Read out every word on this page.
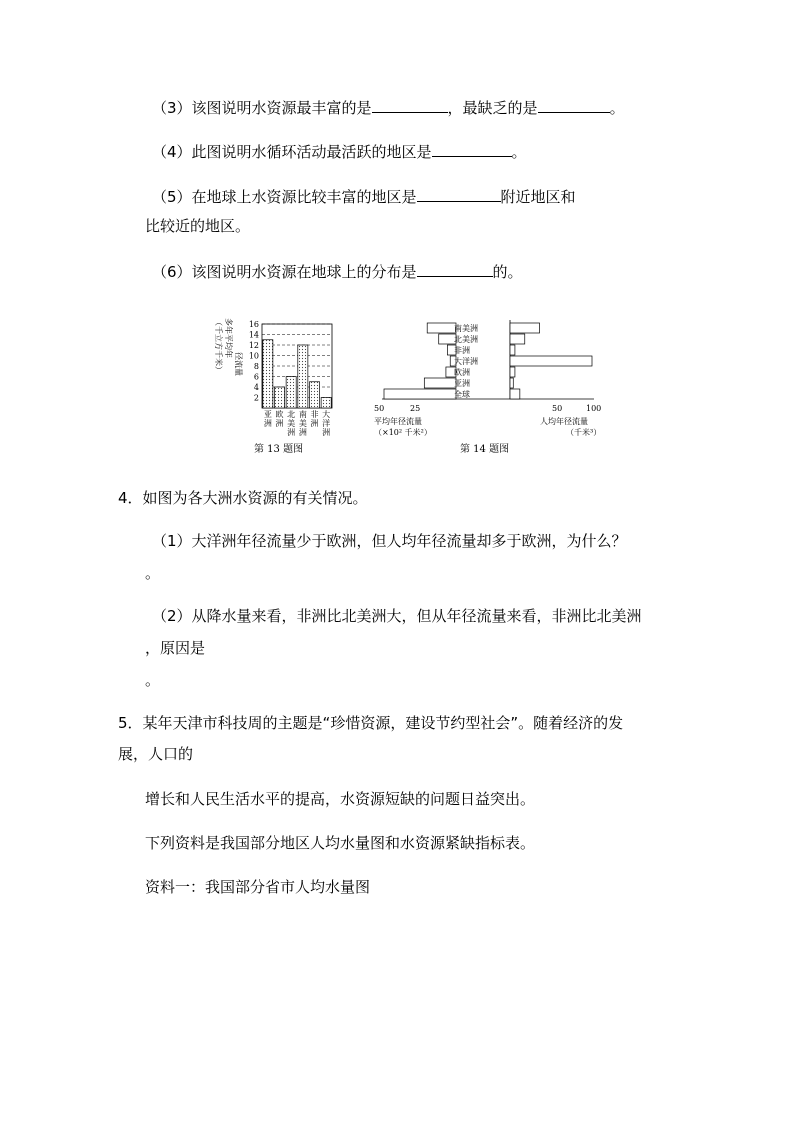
（3）该图说明水资源最丰富的是	，最缺乏的是	。
（4）此图说明水循环活动最活跃的地区是	。
（5）在地球上水资源比较丰富的地区是	附近地区和
比较近的地区。
（6）该图说明水资源在地球上的分布是	的。
多年平均年
径流量
（千立方千米）	16
14
12
10
8
6
4
2
亚洲
欧洲
北美洲
南美洲
非洲
大洋洲
第 13 题图
南美洲
北美洲
非洲
大洋洲
欧洲
亚洲
全球
50	25	50	100
平均年径流量
（×10² 千米²）
人均年径流量
（千米³）
第 14 题图
4．如图为各大洲水资源的有关情况。
（1）大洋洲年径流量少于欧洲，但人均年径流量却多于欧洲，为什么？
。
（2）从降水量来看，非洲比北美洲大，但从年径流量来看，非洲比北美洲
，原因是
。
5．某年天津市科技周的主题是“珍惜资源，建设节约型社会”。随着经济的发
展，人口的
增长和人民生活水平的提高，水资源短缺的问题日益突出。
下列资料是我国部分地区人均水量图和水资源紧缺指标表。
资料一：我国部分省市人均水量图
